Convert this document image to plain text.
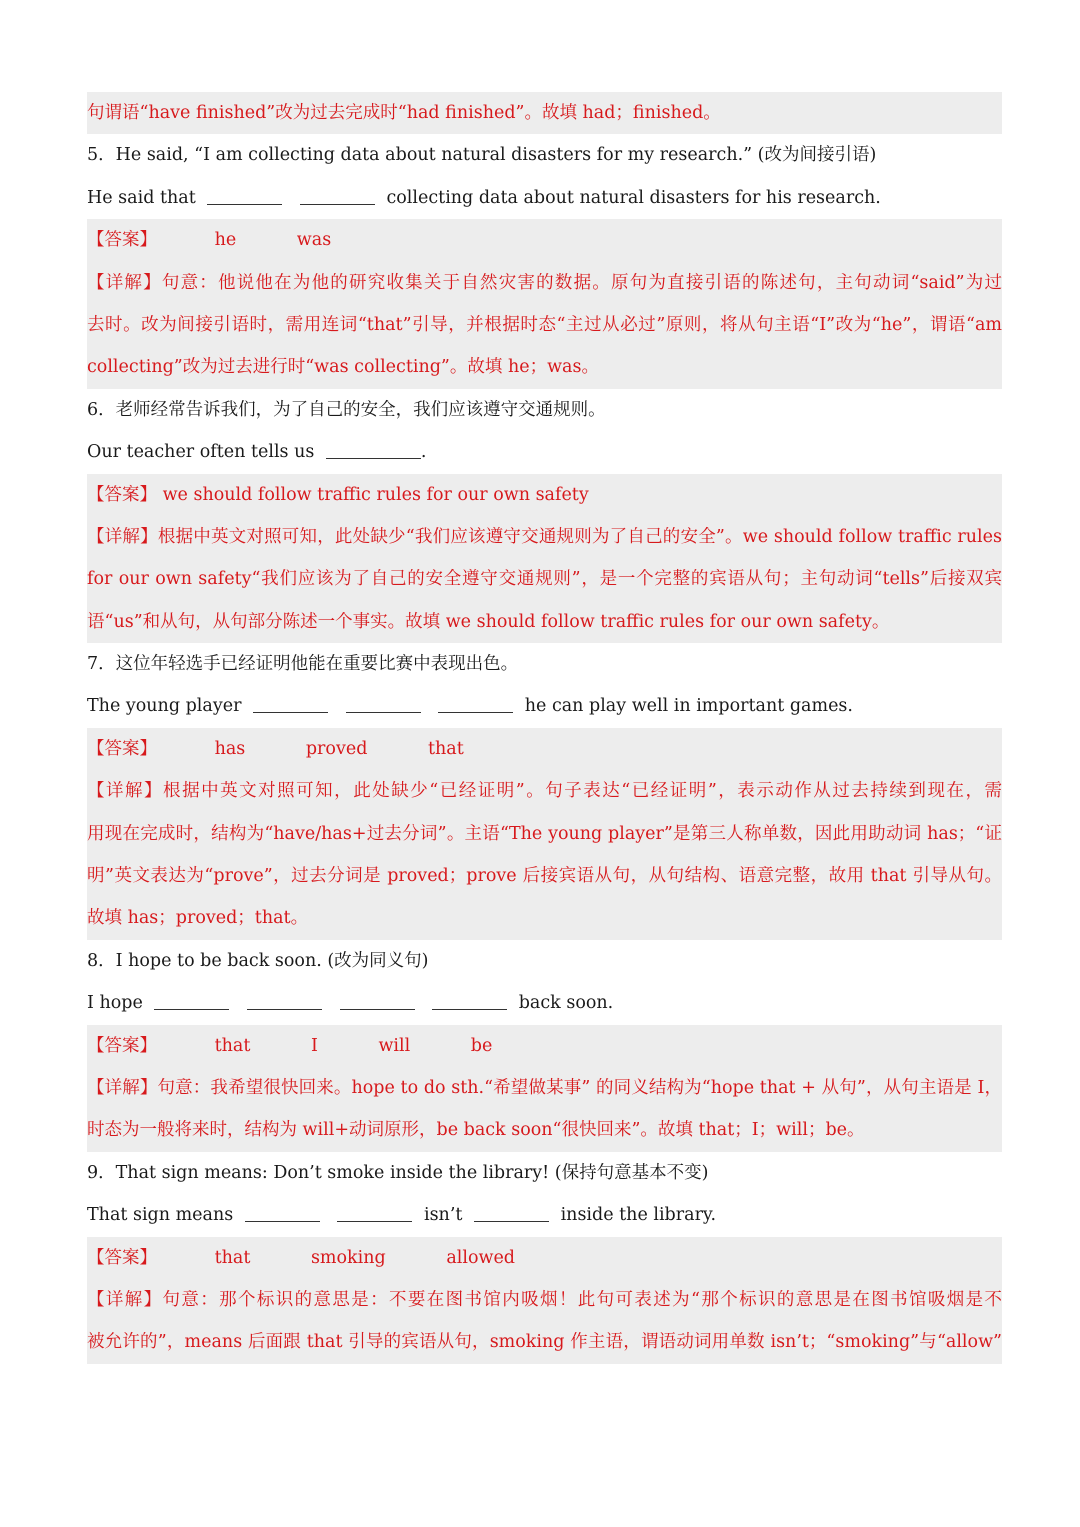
句谓语“have finished”改为过去完成时“had finished”。故填 had；finished。
5．He said, “I am collecting data about natural disasters for my research.” (改为间接引语)
He said that	collecting data about natural disasters for his research.
【答案】	he	was
【详解】句意：他说他在为他的研究收集关于自然灾害的数据。原句为直接引语的陈述句，主句动词“said”为过
去时。改为间接引语时，需用连词“that”引导，并根据时态“主过从必过”原则，将从句主语“I”改为“he”，谓语“am
collecting”改为过去进行时“was collecting”。故填 he；was。
6．老师经常告诉我们，为了自己的安全，我们应该遵守交通规则。
Our teacher often tells us	.
【答案】 we should follow traffic rules for our own safety
【详解】根据中英文对照可知，此处缺少“我们应该遵守交通规则为了自己的安全”。we should follow traffic rules
for our own safety“我们应该为了自己的安全遵守交通规则”，是一个完整的宾语从句；主句动词“tells”后接双宾
语“us”和从句，从句部分陈述一个事实。故填 we should follow traffic rules for our own safety。
7．这位年轻选手已经证明他能在重要比赛中表现出色。
The young player	he can play well in important games.
【答案】	has	proved	that
【详解】根据中英文对照可知，此处缺少“已经证明”。句子表达“已经证明”，表示动作从过去持续到现在，需
用现在完成时，结构为“have/has+过去分词”。主语“The young player”是第三人称单数，因此用助动词 has；“证
明”英文表达为“prove”，过去分词是 proved；prove 后接宾语从句，从句结构、语意完整，故用 that 引导从句。
故填 has；proved；that。
8．I hope to be back soon. (改为同义句)
I hope	back soon.
【答案】	that	I	will	be
【详解】句意：我希望很快回来。hope to do sth.“希望做某事” 的同义结构为“hope that + 从句”，从句主语是 I，
时态为一般将来时，结构为 will+动词原形，be back soon“很快回来”。故填 that；I；will；be。
9．That sign means: Don’t smoke inside the library! (保持句意基本不变)
That sign means	isn’t	inside the library.
【答案】	that	smoking	allowed
【详解】句意：那个标识的意思是：不要在图书馆内吸烟！此句可表述为“那个标识的意思是在图书馆吸烟是不
被允许的”，means 后面跟 that 引导的宾语从句，smoking 作主语，谓语动词用单数 isn’t；“smoking”与“allow”
